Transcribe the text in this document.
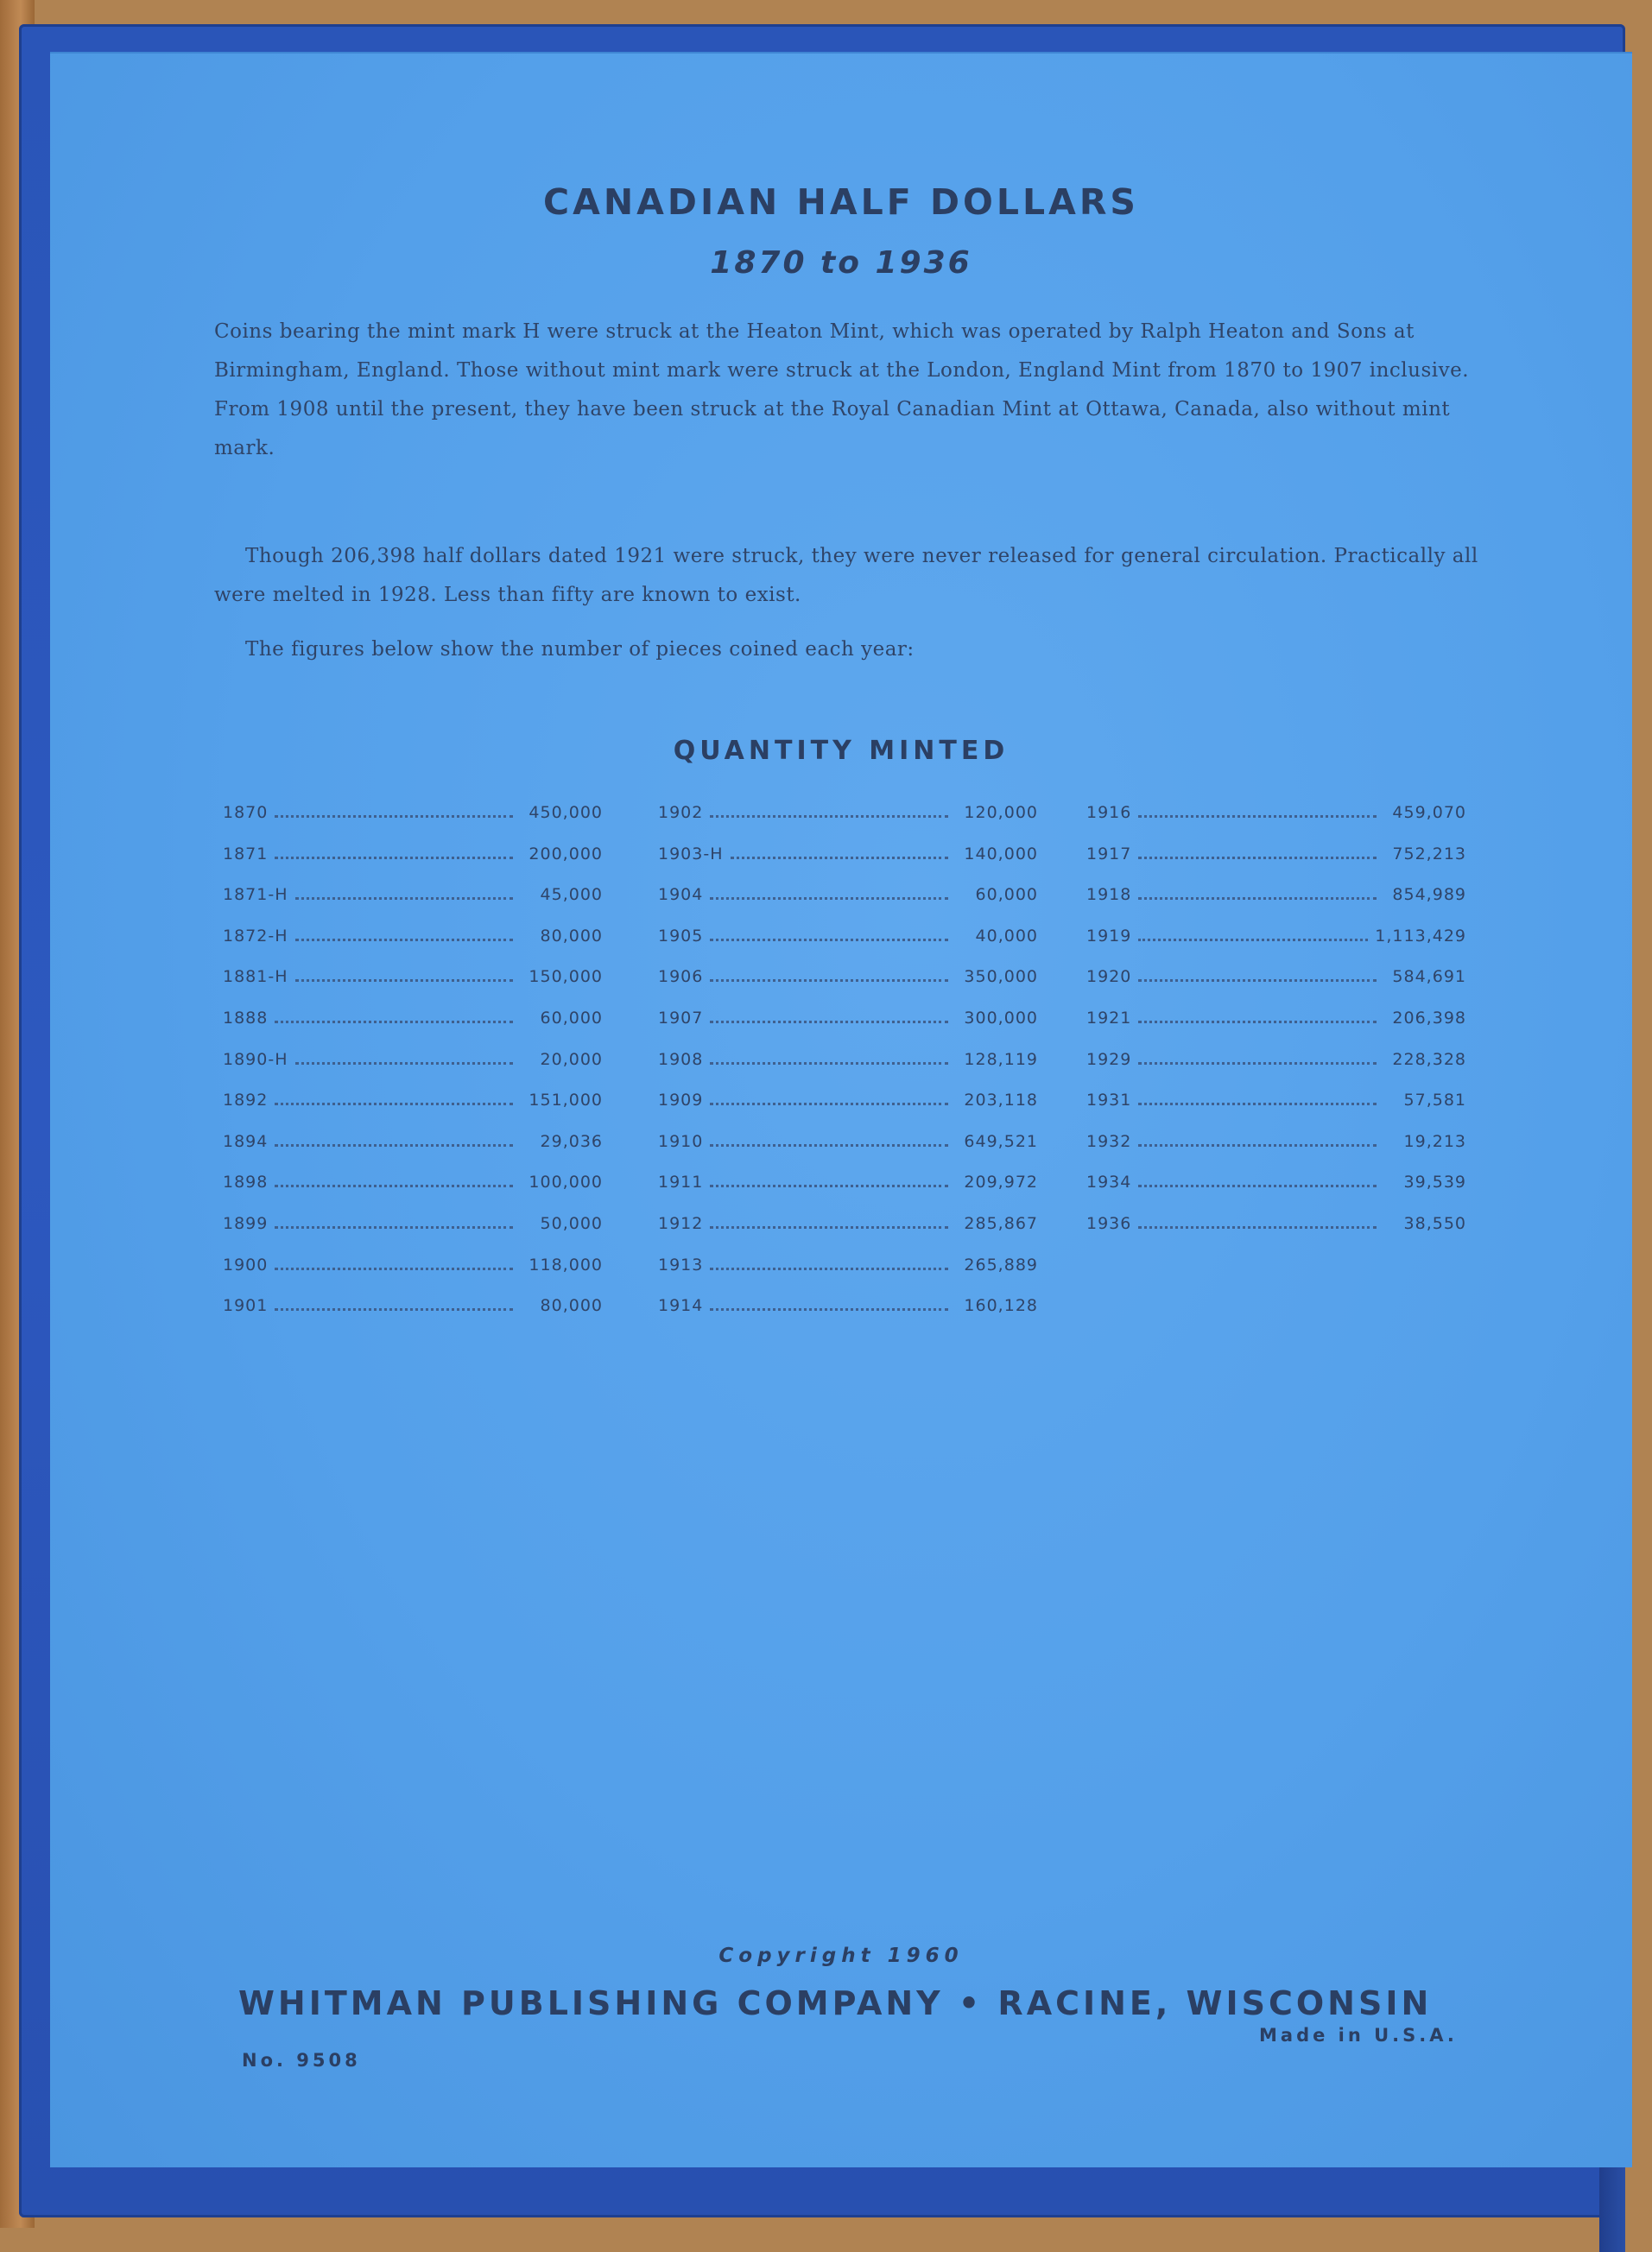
CANADIAN HALF DOLLARS
1870 to 1936
Coins bearing the mint mark H were struck at the Heaton Mint, which was operated by Ralph Heaton and Sons at Birmingham, England. Those without mint mark were struck at the London, England Mint from 1870 to 1907 inclusive. From 1908 until the present, they have been struck at the Royal Canadian Mint at Ottawa, Canada, also without mint mark.
Though 206,398 half dollars dated 1921 were struck, they were never released for general circulation. Practically all were melted in 1928. Less than fifty are known to exist.
The figures below show the number of pieces coined each year:
QUANTITY MINTED
1870	450,000
1871	200,000
1871-H	45,000
1872-H	80,000
1881-H	150,000
1888	60,000
1890-H	20,000
1892	151,000
1894	29,036
1898	100,000
1899	50,000
1900	118,000
1901	80,000
1902	120,000
1903-H	140,000
1904	60,000
1905	40,000
1906	350,000
1907	300,000
1908	128,119
1909	203,118
1910	649,521
1911	209,972
1912	285,867
1913	265,889
1914	160,128
1916	459,070
1917	752,213
1918	854,989
1919	1,113,429
1920	584,691
1921	206,398
1929	228,328
1931	57,581
1932	19,213
1934	39,539
1936	38,550
Copyright 1960
WHITMAN PUBLISHING COMPANY • RACINE, WISCONSIN
No. 9508
Made in U.S.A.
